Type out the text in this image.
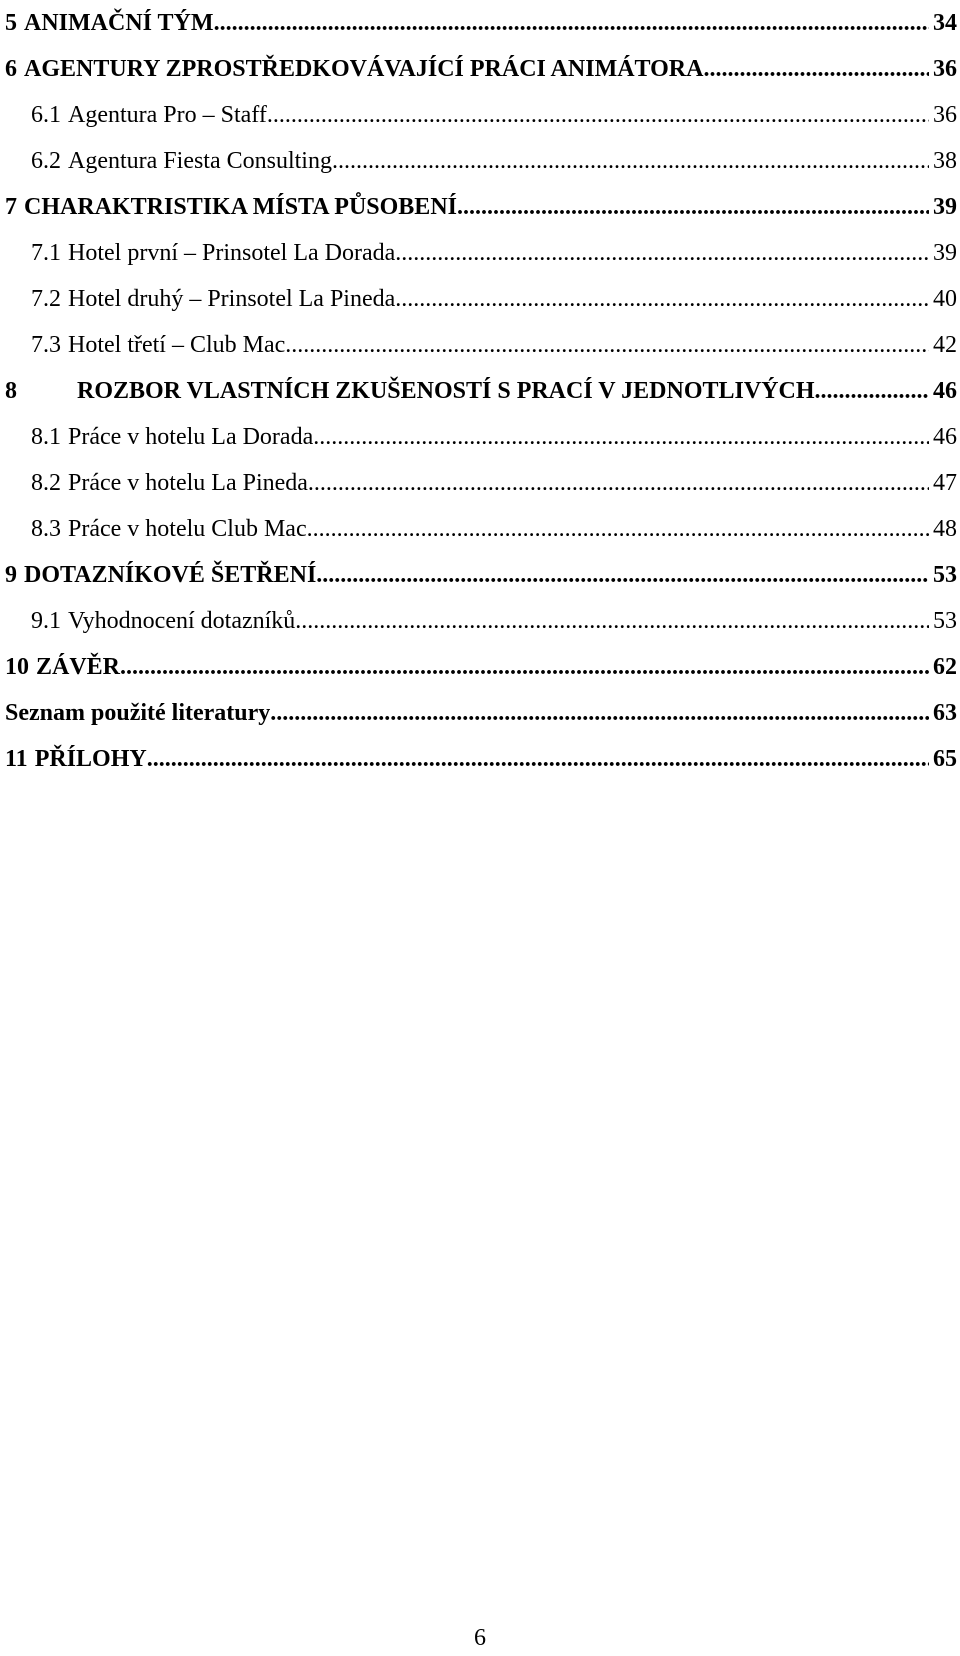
5 ANIMAČNÍ TÝM .....	34
6 AGENTURY ZPROSTŘEDKOVÁVAJÍCÍ PRÁCI ANIMÁTORA .....	36
6.1 Agentura Pro – Staff .....	36
6.2 Agentura Fiesta Consulting .....	38
7 CHARAKTRISTIKA MÍSTA PŮSOBENÍ .....	39
7.1 Hotel první – Prinsotel La Dorada .....	39
7.2 Hotel druhý – Prinsotel La Pineda .....	40
7.3 Hotel třetí – Club Mac .....	42
8	ROZBOR VLASTNÍCH ZKUŠENOSTÍ S PRACÍ V JEDNOTLIVÝCH .....	46
8.1 Práce v hotelu La Dorada .....	46
8.2 Práce v hotelu La Pineda .....	47
8.3 Práce v hotelu Club Mac .....	48
9 DOTAZNÍKOVÉ ŠETŘENÍ .....	53
9.1 Vyhodnocení dotazníků .....	53
10 ZÁVĚR .....	62
Seznam použité literatury .....	63
11 PŘÍLOHY .....	65
6
